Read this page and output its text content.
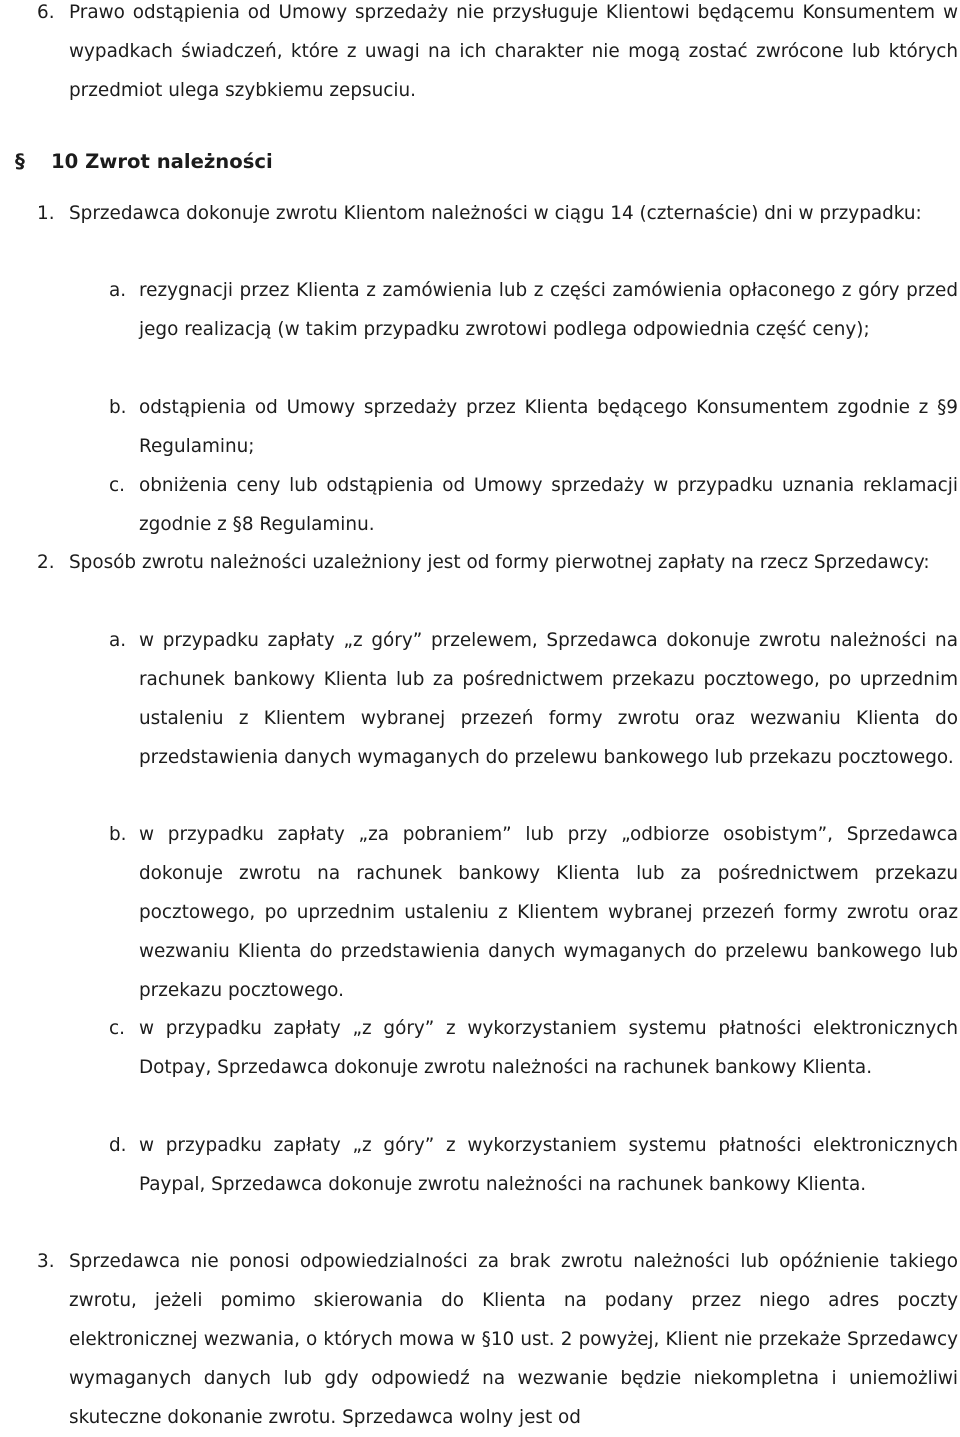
6. Prawo odstąpienia od Umowy sprzedaży nie przysługuje Klientowi będącemu Konsumentem w wypadkach świadczeń, które z uwagi na ich charakter nie mogą zostać zwrócone lub których przedmiot ulega szybkiemu zepsuciu.
§ 10 Zwrot należności
1. Sprzedawca dokonuje zwrotu Klientom należności w ciągu 14 (czternaście) dni w przypadku:
a. rezygnacji przez Klienta z zamówienia lub z części zamówienia opłaconego z góry przed jego realizacją (w takim przypadku zwrotowi podlega odpowiednia część ceny);
b. odstąpienia od Umowy sprzedaży przez Klienta będącego Konsumentem zgodnie z §9 Regulaminu;
c. obniżenia ceny lub odstąpienia od Umowy sprzedaży w przypadku uznania reklamacji zgodnie z §8 Regulaminu.
2. Sposób zwrotu należności uzależniony jest od formy pierwotnej zapłaty na rzecz Sprzedawcy:
a. w przypadku zapłaty „z góry” przelewem, Sprzedawca dokonuje zwrotu należności na rachunek bankowy Klienta lub za pośrednictwem przekazu pocztowego, po uprzednim ustaleniu z Klientem wybranej przezeń formy zwrotu oraz wezwaniu Klienta do przedstawienia danych wymaganych do przelewu bankowego lub przekazu pocztowego.
b. w przypadku zapłaty „za pobraniem” lub przy „odbiorze osobistym”, Sprzedawca dokonuje zwrotu na rachunek bankowy Klienta lub za pośrednictwem przekazu pocztowego, po uprzednim ustaleniu z Klientem wybranej przezeń formy zwrotu oraz wezwaniu Klienta do przedstawienia danych wymaganych do przelewu bankowego lub przekazu pocztowego.
c. w przypadku zapłaty „z góry” z wykorzystaniem systemu płatności elektronicznych Dotpay, Sprzedawca dokonuje zwrotu należności na rachunek bankowy Klienta.
d. w przypadku zapłaty „z góry” z wykorzystaniem systemu płatności elektronicznych Paypal, Sprzedawca dokonuje zwrotu należności na rachunek bankowy Klienta.
3. Sprzedawca nie ponosi odpowiedzialności za brak zwrotu należności lub opóźnienie takiego zwrotu, jeżeli pomimo skierowania do Klienta na podany przez niego adres poczty elektronicznej wezwania, o których mowa w §10 ust. 2 powyżej, Klient nie przekaże Sprzedawcy wymaganych danych lub gdy odpowiedź na wezwanie będzie niekompletna i uniemożliwi skuteczne dokonanie zwrotu. Sprzedawca wolny jest od
